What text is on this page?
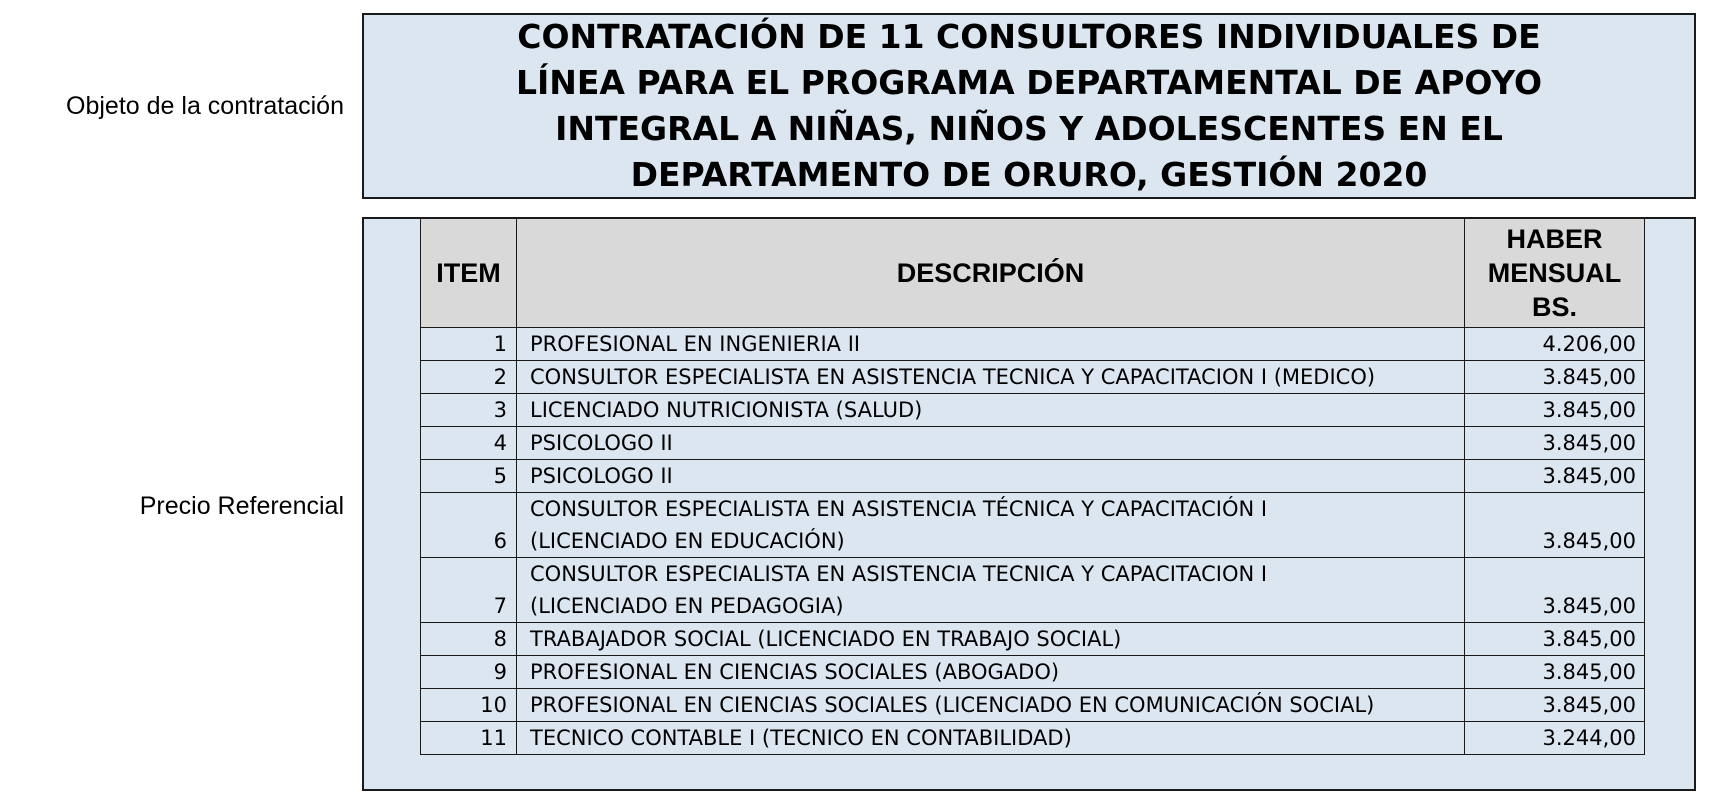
Objeto de la contratación
Precio Referencial
CONTRATACIÓN DE 11 CONSULTORES INDIVIDUALES DE
LÍNEA PARA EL PROGRAMA DEPARTAMENTAL DE APOYO
INTEGRAL A NIÑAS, NIÑOS Y ADOLESCENTES EN EL
DEPARTAMENTO DE ORURO, GESTIÓN 2020
ITEM	DESCRIPCIÓN	HABER
MENSUAL
BS.

1	PROFESIONAL EN INGENIERIA II	4.206,00
2	CONSULTOR ESPECIALISTA EN ASISTENCIA TECNICA Y CAPACITACION I (MEDICO)	3.845,00
3	LICENCIADO NUTRICIONISTA (SALUD)	3.845,00
4	PSICOLOGO II	3.845,00
5	PSICOLOGO II	3.845,00
6	CONSULTOR ESPECIALISTA EN ASISTENCIA TÉCNICA Y CAPACITACIÓN I
(LICENCIADO EN EDUCACIÓN)	3.845,00
7	CONSULTOR ESPECIALISTA EN ASISTENCIA TECNICA Y CAPACITACION I
(LICENCIADO EN PEDAGOGIA)	3.845,00
8	TRABAJADOR SOCIAL (LICENCIADO EN TRABAJO SOCIAL)	3.845,00
9	PROFESIONAL EN CIENCIAS SOCIALES (ABOGADO)	3.845,00
10	PROFESIONAL EN CIENCIAS SOCIALES (LICENCIADO EN COMUNICACIÓN SOCIAL)	3.845,00
11	TECNICO CONTABLE I (TECNICO EN CONTABILIDAD)	3.244,00
